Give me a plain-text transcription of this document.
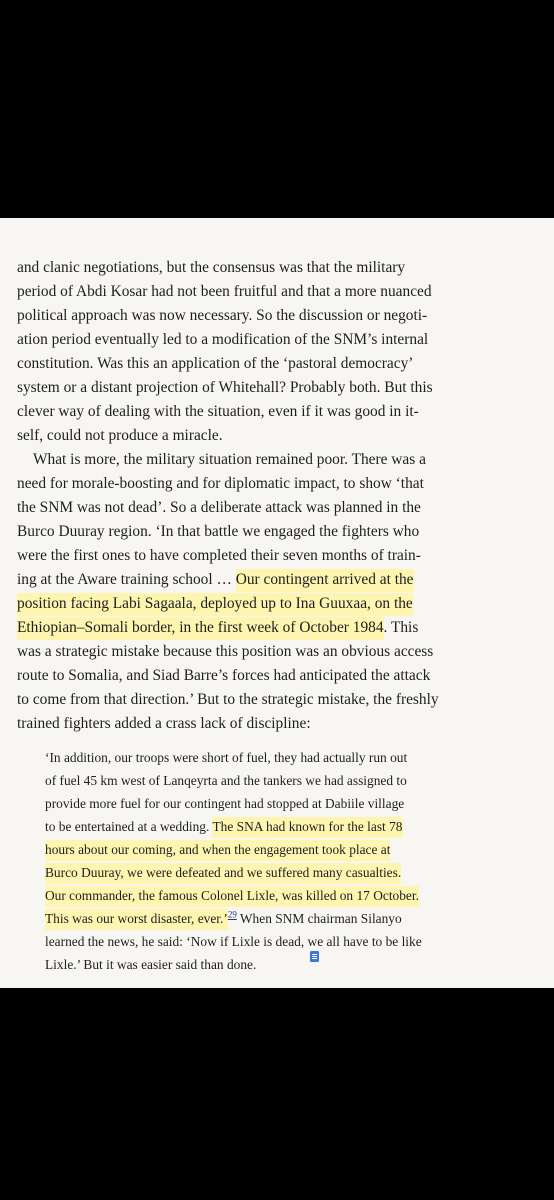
and clanic negotiations, but the consensus was that the military
period of Abdi Kosar had not been fruitful and that a more nuanced
political approach was now necessary. So the discussion or negoti-
ation period eventually led to a modification of the SNM’s internal
constitution. Was this an application of the ‘pastoral democracy’
system or a distant projection of Whitehall? Probably both. But this
clever way of dealing with the situation, even if it was good in it-
self, could not produce a miracle.
What is more, the military situation remained poor. There was a
need for morale-boosting and for diplomatic impact, to show ‘that
the SNM was not dead’. So a deliberate attack was planned in the
Burco Duuray region. ‘In that battle we engaged the fighters who
were the first ones to have completed their seven months of train-
ing at the Aware training school … Our contingent arrived at the
position facing Labi Sagaala, deployed up to Ina Guuxaa, on the
Ethiopian–Somali border, in the first week of October 1984. This
was a strategic mistake because this position was an obvious access
route to Somalia, and Siad Barre’s forces had anticipated the attack
to come from that direction.’ But to the strategic mistake, the freshly
trained fighters added a crass lack of discipline:
‘In addition, our troops were short of fuel, they had actually run out
of fuel 45 km west of Lanqeyrta and the tankers we had assigned to
provide more fuel for our contingent had stopped at Dabiile village
to be entertained at a wedding. The SNA had known for the last 78
hours about our coming, and when the engagement took place at
Burco Duuray, we were defeated and we suffered many casualties.
Our commander, the famous Colonel Lixle, was killed on 17 October.
This was our worst disaster, ever.’$^{29}$ When SNM chairman Silanyo
learned the news, he said: ‘Now if Lixle is dead, we all have to be like
Lixle.’ But it was easier said than done.
